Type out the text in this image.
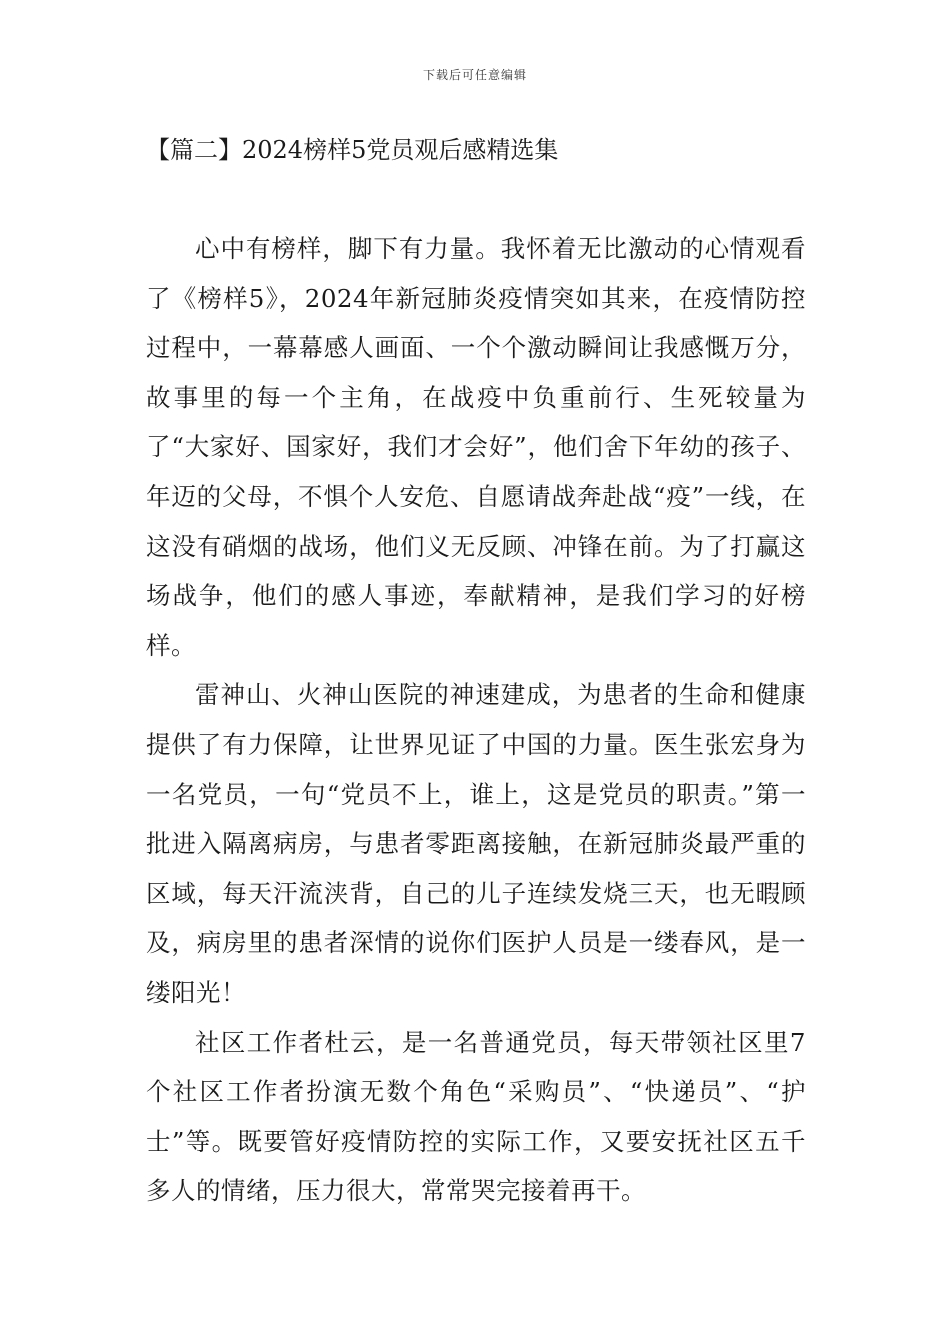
下载后可任意编辑
【篇二】2024榜样5党员观后感精选集

心中有榜样，脚下有力量。我怀着无比激动的心情观看了《榜样5》，2024年新冠肺炎疫情突如其来，在疫情防控过程中，一幕幕感人画面、一个个激动瞬间让我感慨万分，故事里的每一个主角，在战疫中负重前行、生死较量为了“大家好、国家好，我们才会好”，他们舍下年幼的孩子、年迈的父母，不惧个人安危、自愿请战奔赴战“疫”一线，在这没有硝烟的战场，他们义无反顾、冲锋在前。为了打赢这场战争，他们的感人事迹，奉献精神，是我们学习的好榜样。

雷神山、火神山医院的神速建成，为患者的生命和健康提供了有力保障，让世界见证了中国的力量。医生张宏身为一名党员，一句“党员不上，谁上，这是党员的职责。”第一批进入隔离病房，与患者零距离接触，在新冠肺炎最严重的区域，每天汗流浃背，自己的儿子连续发烧三天，也无暇顾及，病房里的患者深情的说你们医护人员是一缕春风，是一缕阳光！

社区工作者杜云，是一名普通党员，每天带领社区里7个社区工作者扮演无数个角色“采购员”、“快递员”、“护士”等。既要管好疫情防控的实际工作，又要安抚社区五千多人的情绪，压力很大，常常哭完接着再干。
